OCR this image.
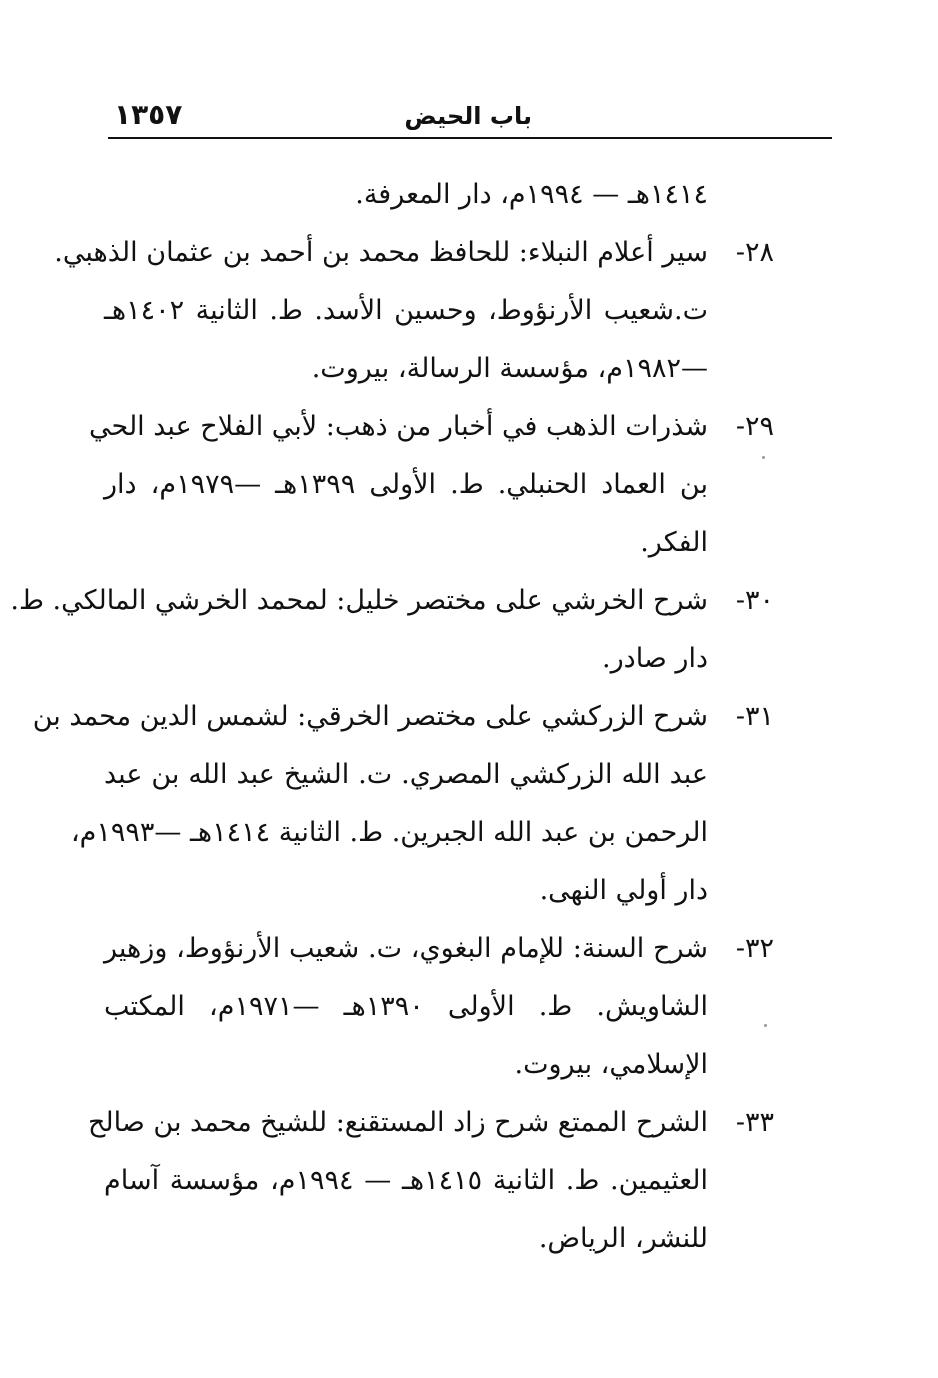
١٣٥٧	باب الحيض
١٤١٤هـ — ١٩٩٤م، دار المعرفة.
٢٨-
سير أعلام النبلاء: للحافظ محمد بن أحمد بن عثمان الذهبي.
ت.شعيب الأرنؤوط، وحسين الأسد. ط. الثانية ١٤٠٢هـ
—١٩٨٢م، مؤسسة الرسالة، بيروت.
٢٩-
شذرات الذهب في أخبار من ذهب: لأبي الفلاح عبد الحي
بن العماد الحنبلي. ط. الأولى ١٣٩٩هـ —١٩٧٩م، دار
الفكر.
٣٠-
شرح الخرشي على مختصر خليل: لمحمد الخرشي المالكي. ط.
دار صادر.
٣١-
شرح الزركشي على مختصر الخرقي: لشمس الدين محمد بن
عبد الله الزركشي المصري. ت. الشيخ عبد الله بن عبد
الرحمن بن عبد الله الجبرين. ط. الثانية ١٤١٤هـ —١٩٩٣م،
دار أولي النهى.
٣٢-
شرح السنة: للإمام البغوي، ت. شعيب الأرنؤوط، وزهير
الشاويش. ط. الأولى ١٣٩٠هـ —١٩٧١م، المكتب
الإسلامي، بيروت.
٣٣-
الشرح الممتع شرح زاد المستقنع: للشيخ محمد بن صالح
العثيمين. ط. الثانية ١٤١٥هـ — ١٩٩٤م، مؤسسة آسام
للنشر، الرياض.
